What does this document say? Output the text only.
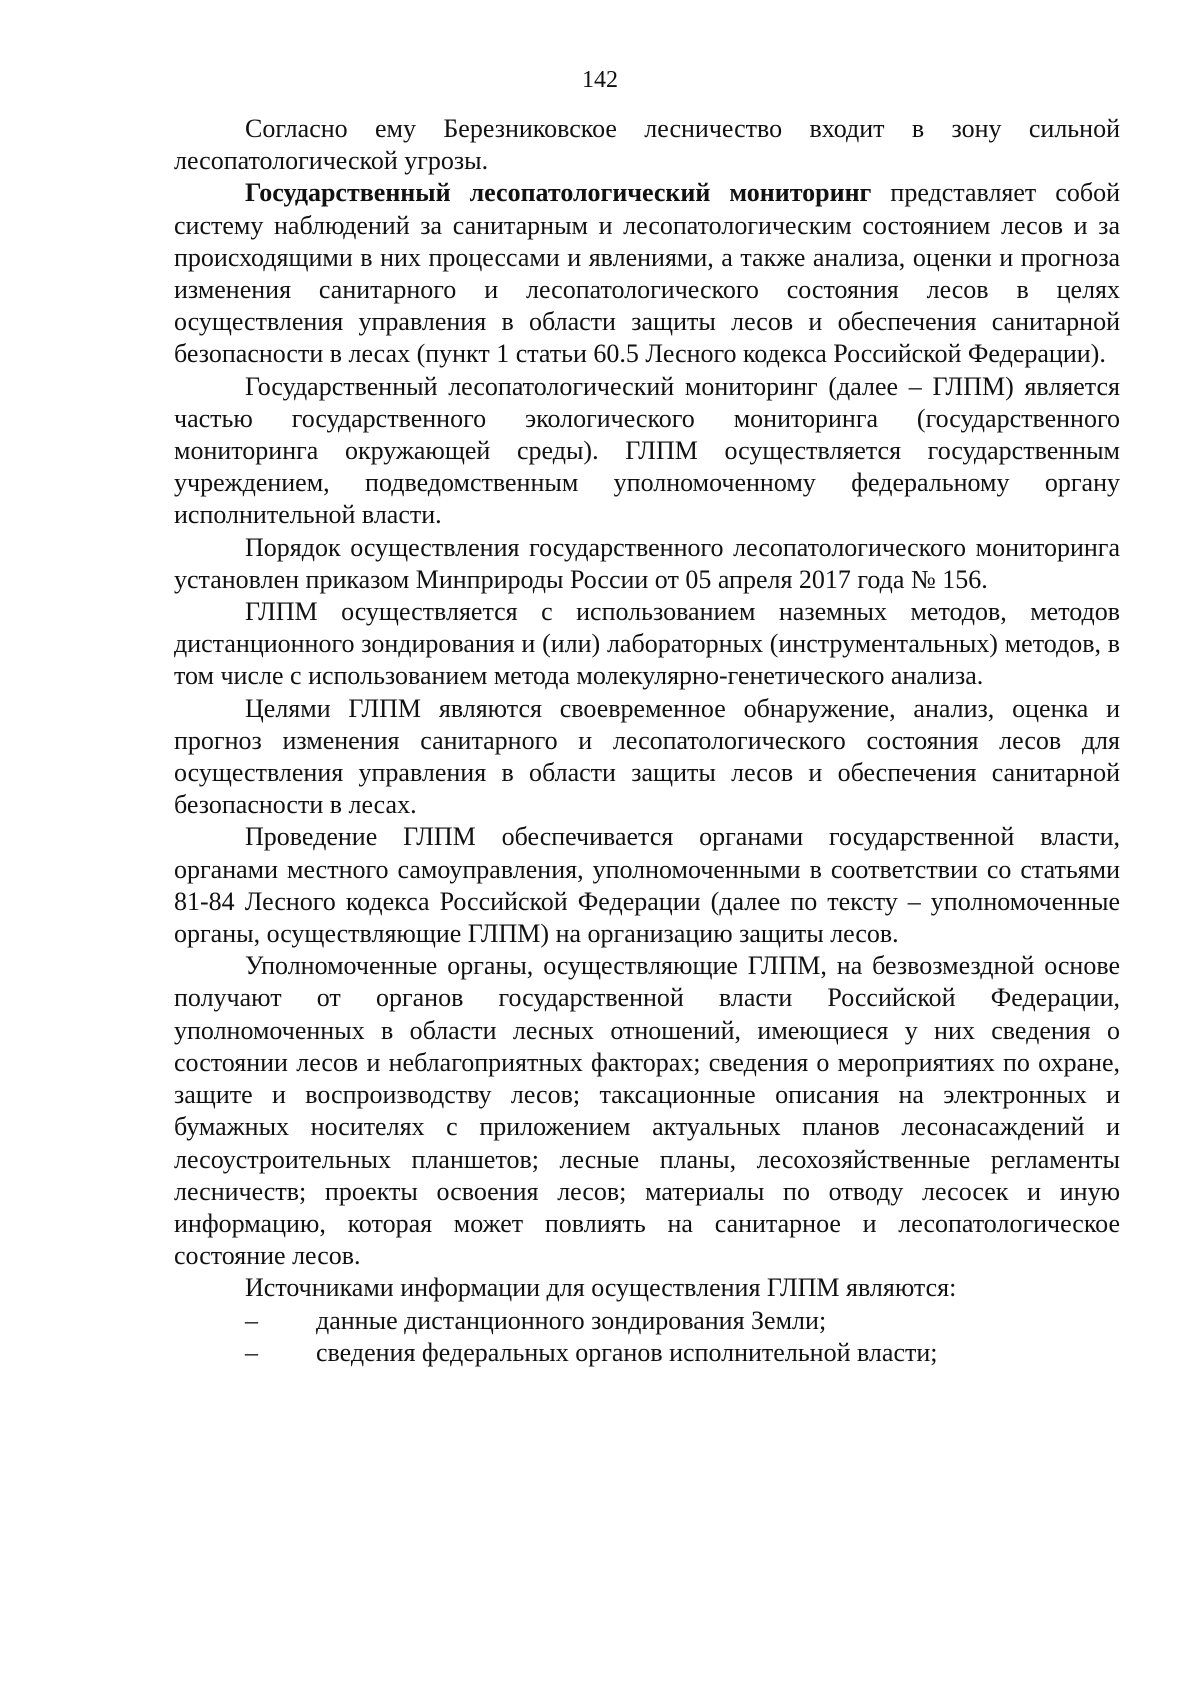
142

Согласно ему Березниковское лесничество входит в зону сильной лесопатологической угрозы.

Государственный лесопатологический мониторинг представляет собой систему наблюдений за санитарным и лесопатологическим состоянием лесов и за происходящими в них процессами и явлениями, а также анализа, оценки и прогноза изменения санитарного и лесопатологического состояния лесов в целях осуществления управления в области защиты лесов и обеспечения санитарной безопасности в лесах (пункт 1 статьи 60.5 Лесного кодекса Российской Федерации).

Государственный лесопатологический мониторинг (далее – ГЛПМ) является частью государственного экологического мониторинга (государственного мониторинга окружающей среды). ГЛПМ осуществляется государственным учреждением, подведомственным уполномоченному федеральному органу исполнительной власти.

Порядок осуществления государственного лесопатологического мониторинга установлен приказом Минприроды России от 05 апреля 2017 года № 156.

ГЛПМ осуществляется с использованием наземных методов, методов дистанционного зондирования и (или) лабораторных (инструментальных) методов, в том числе с использованием метода молекулярно-генетического анализа.

Целями ГЛПМ являются своевременное обнаружение, анализ, оценка и прогноз изменения санитарного и лесопатологического состояния лесов для осуществления управления в области защиты лесов и обеспечения санитарной безопасности в лесах.

Проведение ГЛПМ обеспечивается органами государственной власти, органами местного самоуправления, уполномоченными в соответствии со статьями 81-84 Лесного кодекса Российской Федерации (далее по тексту – уполномоченные органы, осуществляющие ГЛПМ) на организацию защиты лесов.

Уполномоченные органы, осуществляющие ГЛПМ, на безвозмездной основе получают от органов государственной власти Российской Федерации, уполномоченных в области лесных отношений, имеющиеся у них сведения о состоянии лесов и неблагоприятных факторах; сведения о мероприятиях по охране, защите и воспроизводству лесов; таксационные описания на электронных и бумажных носителях с приложением актуальных планов лесонасаждений и лесоустроительных планшетов; лесные планы, лесохозяйственные регламенты лесничеств; проекты освоения лесов; материалы по отводу лесосек и иную информацию, которая может повлиять на санитарное и лесопатологическое состояние лесов.

Источниками информации для осуществления ГЛПМ являются:

–	данные дистанционного зондирования Земли;
–	сведения федеральных органов исполнительной власти;
